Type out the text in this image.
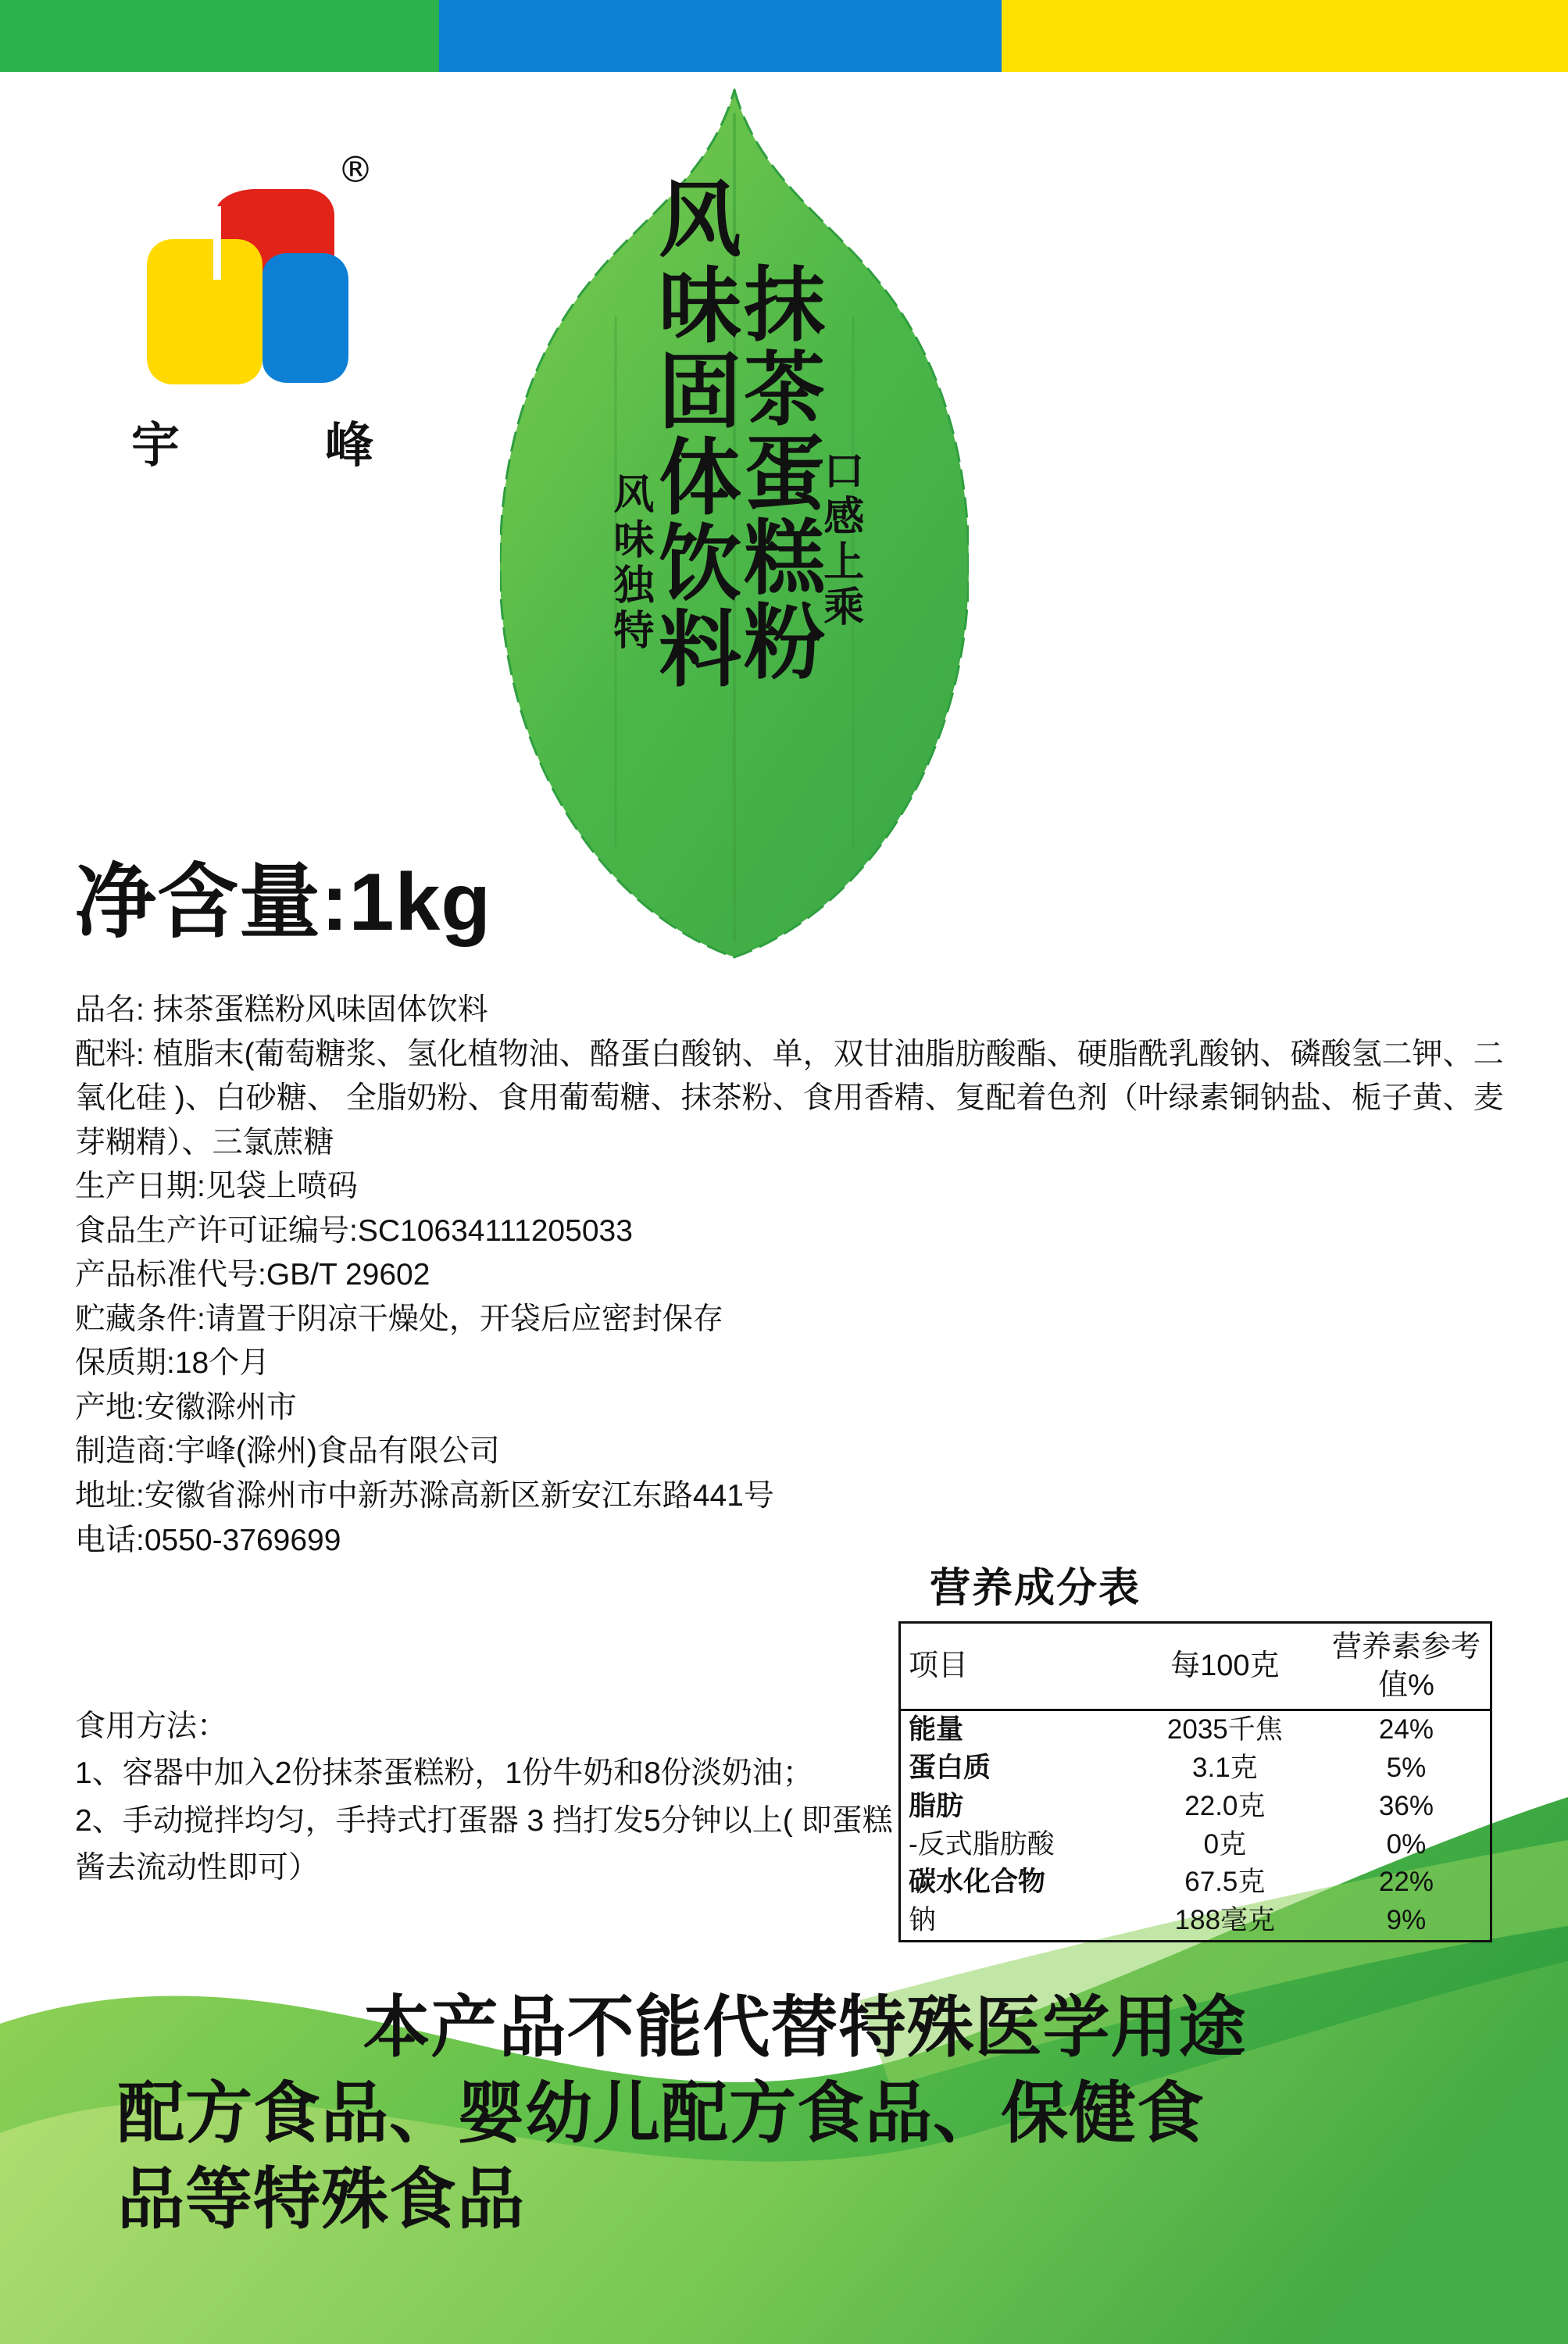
®
宇	峰
口感上乘
抹茶蛋糕粉
风味固体饮料
风味独特
净含量:1kg
品名: 抹茶蛋糕粉风味固体饮料
配料: 植脂末(葡萄糖浆、氢化植物油、酪蛋白酸钠、单，双甘油脂肪酸酯、硬脂酰乳酸钠、磷酸氢二钾、二氧化硅 )、白砂糖、 全脂奶粉、食用葡萄糖、抹茶粉、食用香精、复配着色剂（叶绿素铜钠盐、栀子黄、麦芽糊精）、三氯蔗糖
生产日期:见袋上喷码
食品生产许可证编号:SC10634111205033
产品标准代号:GB/T 29602
贮藏条件:请置于阴凉干燥处，开袋后应密封保存
保质期:18个月
产地:安徽滁州市
制造商:宇峰(滁州)食品有限公司
地址:安徽省滁州市中新苏滁高新区新安江东路441号
电话:0550-3769699
食用方法：
1、容器中加入2份抹茶蛋糕粉，1份牛奶和8份淡奶油；
2、手动搅拌均匀，手持式打蛋器 3 挡打发5分钟以上( 即蛋糕酱去流动性即可）
营养成分表
项目	每100克	营养素参考值%
能量	2035千焦	24%
蛋白质	3.1克	5%
脂肪	22.0克	36%
-反式脂肪酸	0克	0%
碳水化合物	67.5克	22%
钠	188毫克	9%
本产品不能代替特殊医学用途
配方食品、婴幼儿配方食品、保健食
品等特殊食品
